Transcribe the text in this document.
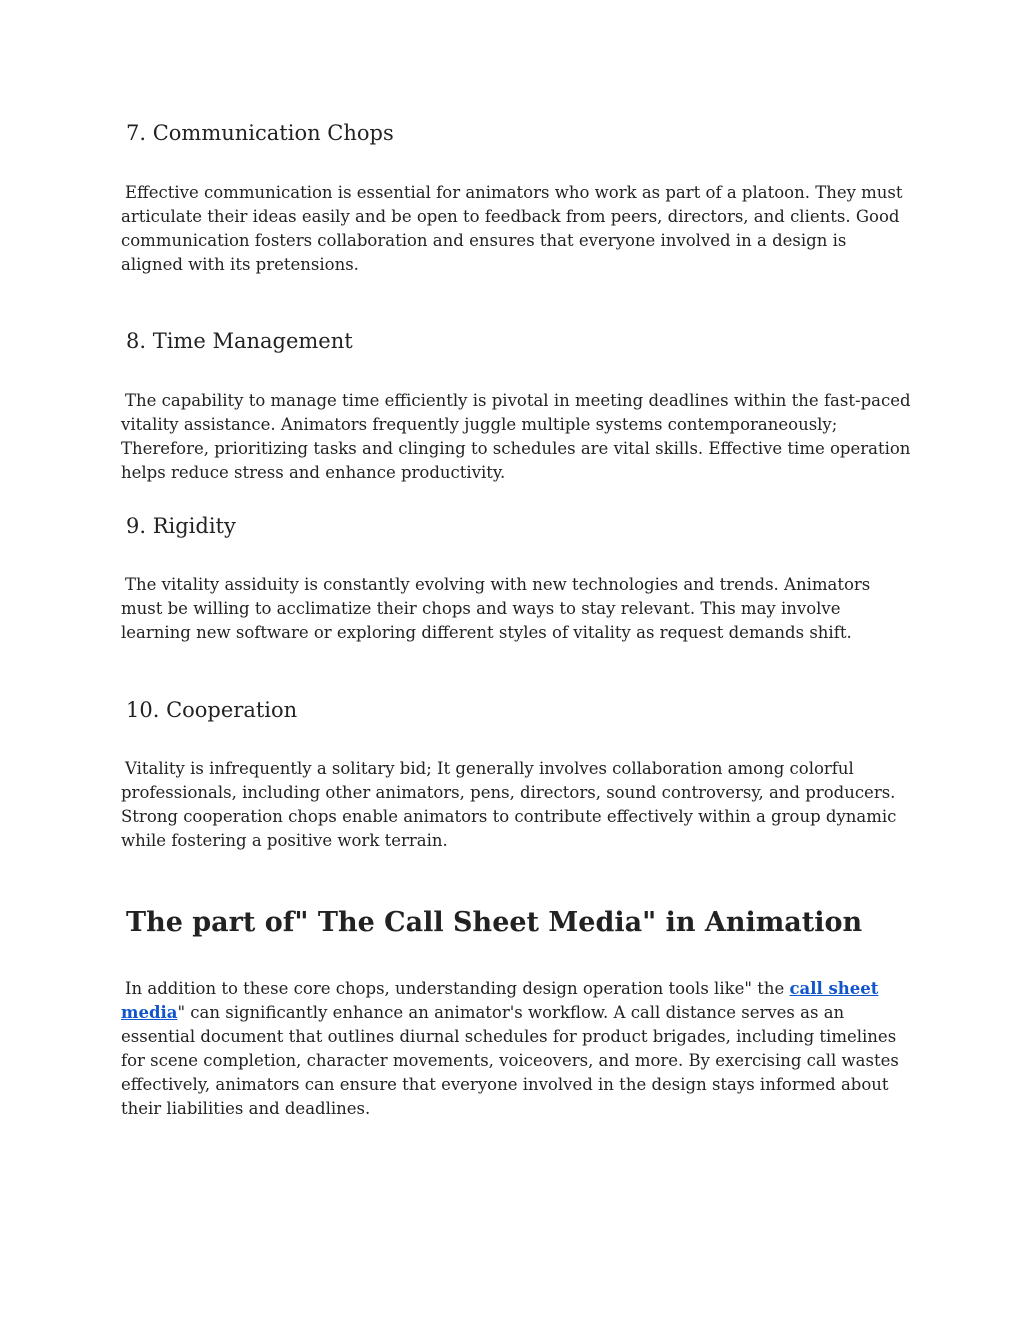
7. Communication Chops

Effective communication is essential for animators who work as part of a platoon. They must articulate their ideas easily and be open to feedback from peers, directors, and clients. Good communication fosters collaboration and ensures that everyone involved in a design is aligned with its pretensions.

8. Time Management

The capability to manage time efficiently is pivotal in meeting deadlines within the fast-paced vitality assistance. Animators frequently juggle multiple systems contemporaneously; Therefore, prioritizing tasks and clinging to schedules are vital skills. Effective time operation helps reduce stress and enhance productivity.

9. Rigidity

The vitality assiduity is constantly evolving with new technologies and trends. Animators must be willing to acclimatize their chops and ways to stay relevant. This may involve learning new software or exploring different styles of vitality as request demands shift.

10. Cooperation

Vitality is infrequently a solitary bid; It generally involves collaboration among colorful professionals, including other animators, pens, directors, sound controversy, and producers. Strong cooperation chops enable animators to contribute effectively within a group dynamic while fostering a positive work terrain.

The part of" The Call Sheet Media" in Animation

In addition to these core chops, understanding design operation tools like" the call sheet media" can significantly enhance an animator's workflow. A call distance serves as an essential document that outlines diurnal schedules for product brigades, including timelines for scene completion, character movements, voiceovers, and more. By exercising call wastes effectively, animators can ensure that everyone involved in the design stays informed about their liabilities and deadlines.
